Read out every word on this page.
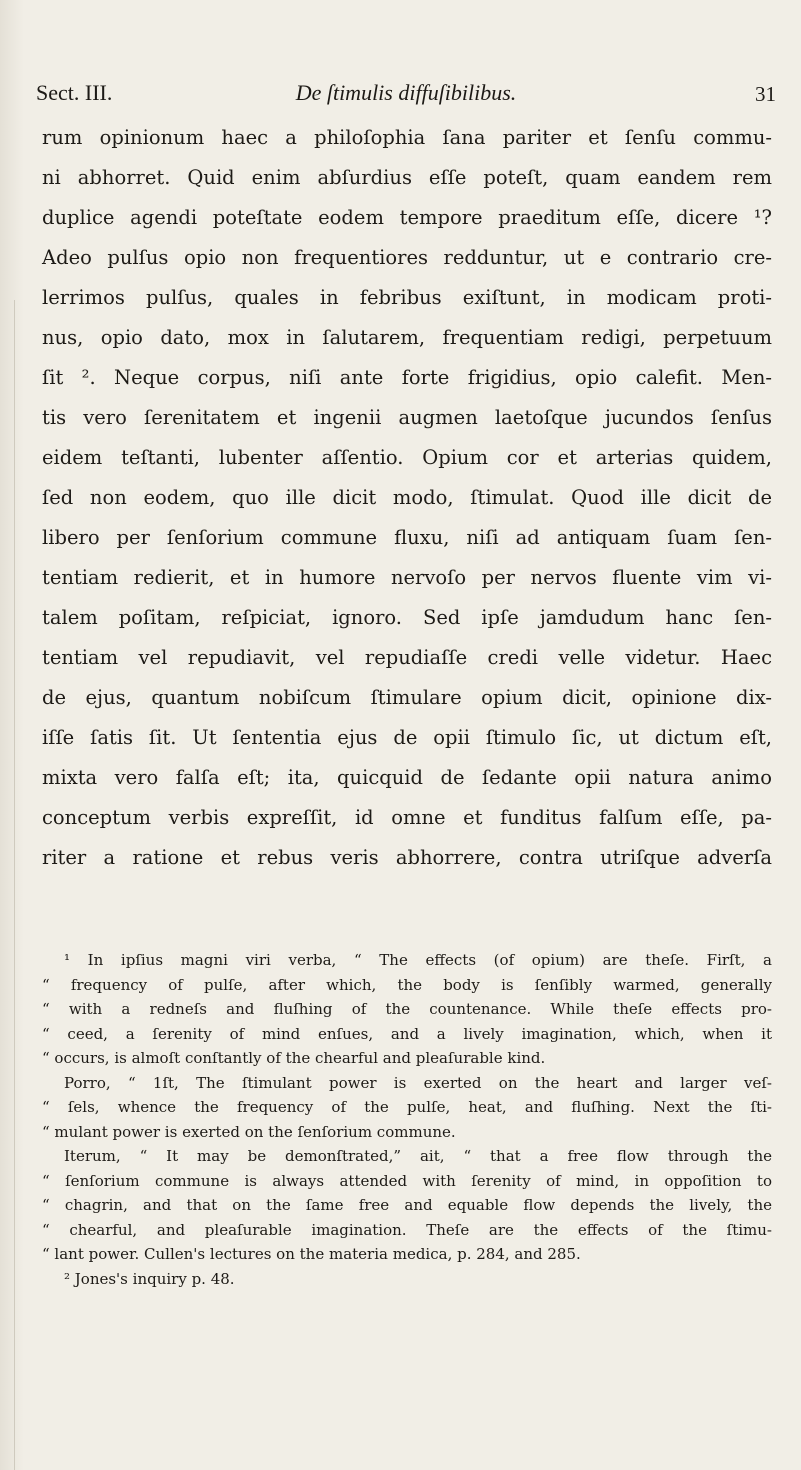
Sect. III.	De ſtimulis diffuſibilibus.	31
rum opinionum haec a philoſophia ſana pariter et ſenſu commu-
ni abhorret. Quid enim abſurdius eſſe poteſt, quam eandem rem
duplice agendi poteſtate eodem tempore praeditum eſſe, dicere ¹?
Adeo pulſus opio non frequentiores redduntur, ut e contrario cre-
lerrimos pulſus, quales in febribus exiſtunt, in modicam proti-
nus, opio dato, mox in ſalutarem, frequentiam redigi, perpetuum
ſit ². Neque corpus, niſi ante forte frigidius, opio calefit. Men-
tis vero ſerenitatem et ingenii augmen laetoſque jucundos ſenſus
eidem teſtanti, lubenter aſſentio. Opium cor et arterias quidem,
ſed non eodem, quo ille dicit modo, ſtimulat. Quod ille dicit de
libero per ſenſorium commune fluxu, niſi ad antiquam ſuam ſen-
tentiam redierit, et in humore nervoſo per nervos fluente vim vi-
talem poſitam, reſpiciat, ignoro. Sed ipſe jamdudum hanc ſen-
tentiam vel repudiavit, vel repudiaſſe credi velle videtur. Haec
de ejus, quantum nobiſcum ſtimulare opium dicit, opinione dix-
iſſe ſatis ſit. Ut ſententia ejus de opii ſtimulo ſic, ut dictum eſt,
mixta vero falſa eſt; ita, quicquid de ſedante opii natura animo
conceptum verbis expreſſit, id omne et funditus falſum eſſe, pa-
riter a ratione et rebus veris abhorrere, contra utriſque adverſa
¹ In ipſius magni viri verba, “ The effects (of opium) are theſe. Firſt, a
“ frequency of pulſe, after which, the body is ſenſibly warmed, generally
“ with a redneſs and fluſhing of the countenance. While theſe effects pro-
“ ceed, a ſerenity of mind enſues, and a lively imagination, which, when it
“ occurs, is almoſt conſtantly of the chearful and pleaſurable kind.
Porro, “ 1ſt, The ſtimulant power is exerted on the heart and larger veſ-
“ ſels, whence the frequency of the pulſe, heat, and fluſhing. Next the ſti-
“ mulant power is exerted on the ſenſorium commune.
Iterum, “ It may be demonſtrated,” ait, “ that a free flow through the
“ ſenſorium commune is always attended with ſerenity of mind, in oppoſition to
“ chagrin, and that on the ſame free and equable flow depends the lively, the
“ chearful, and pleaſurable imagination. Theſe are the effects of the ſtimu-
“ lant power. Cullen's lectures on the materia medica, p. 284, and 285.
² Jones's inquiry p. 48.
